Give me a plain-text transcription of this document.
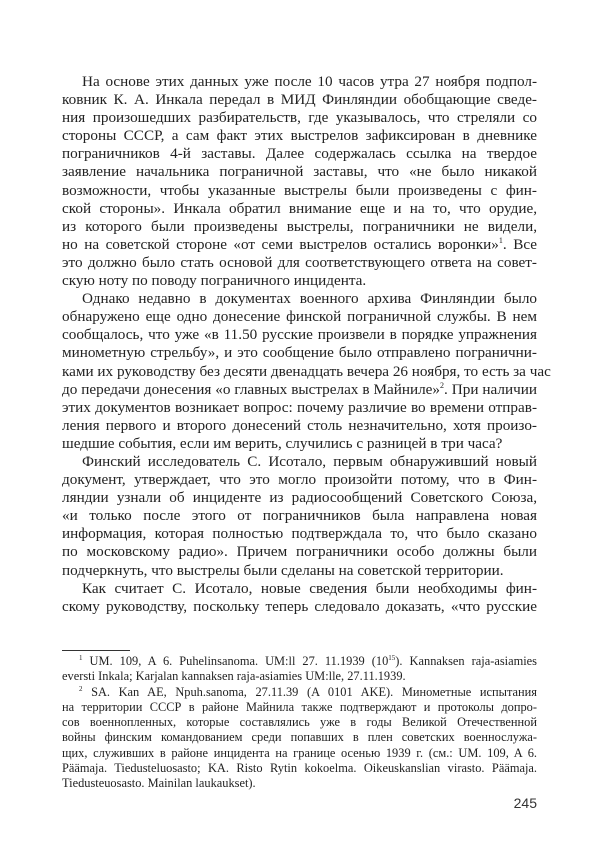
На основе этих данных уже после 10 часов утра 27 ноября подпол-
ковник К. А. Инкала передал в МИД Финляндии обобщающие сведе-
ния произошедших разбирательств, где указывалось, что стреляли со
стороны СССР, а сам факт этих выстрелов зафиксирован в дневнике
пограничников 4-й заставы. Далее содержалась ссылка на твердое
заявление начальника пограничной заставы, что «не было никакой
возможности, чтобы указанные выстрелы были произведены с фин-
ской стороны». Инкала обратил внимание еще и на то, что орудие,
из которого были произведены выстрелы, пограничники не видели,
но на советской стороне «от семи выстрелов остались воронки»$^1$. Все
это должно было стать основой для соответствующего ответа на совет-
скую ноту по поводу пограничного инцидента.
Однако недавно в документах военного архива Финляндии было
обнаружено еще одно донесение финской пограничной службы. В нем
сообщалось, что уже «в 11.50 русские произвели в порядке упражнения
минометную стрельбу», и это сообщение было отправлено погранични-
ками их руководству без десяти двенадцать вечера 26 ноября, то есть за час
до передачи донесения «о главных выстрелах в Майниле»$^2$. При наличии
этих документов возникает вопрос: почему различие во времени отправ-
ления первого и второго донесений столь незначительно, хотя произо-
шедшие события, если им верить, случились с разницей в три часа?
Финский исследователь С. Исотало, первым обнаруживший новый
документ, утверждает, что это могло произойти потому, что в Фин-
ляндии узнали об инциденте из радиосообщений Советского Союза,
«и только после этого от пограничников была направлена новая
информация, которая полностью подтверждала то, что было сказано
по московскому радио». Причем пограничники особо должны были
подчеркнуть, что выстрелы были сделаны на советской территории.
Как считает С. Исотало, новые сведения были необходимы фин-
скому руководству, поскольку теперь следовало доказать, «что русские
$^1$ UM. 109, A 6. Puhelinsanoma. UM:ll 27. 11.1939 $(10^{15})$. Kannaksen raja-asiamies
eversti Inkala; Karjalan kannaksen raja-asiamies UM:lle, 27.11.1939.
$^2$ SA. Kan AE, Npuh.sanoma, 27.11.39 (A 0101 AKE). Минометные испытания
на территории СССР в районе Майнила также подтверждают и протоколы допро-
сов военнопленных, которые составлялись уже в годы Великой Отечественной
войны финским командованием среди попавших в плен советских военнослужа-
щих, служивших в районе инцидента на границе осенью 1939 г. (см.: UM. 109, A 6.
Päämaja. Tiedusteluosasto; KA. Risto Rytin kokoelma. Oikeuskanslian virasto. Päämaja.
Tiedusteuosasto. Mainilan laukaukset).
245
